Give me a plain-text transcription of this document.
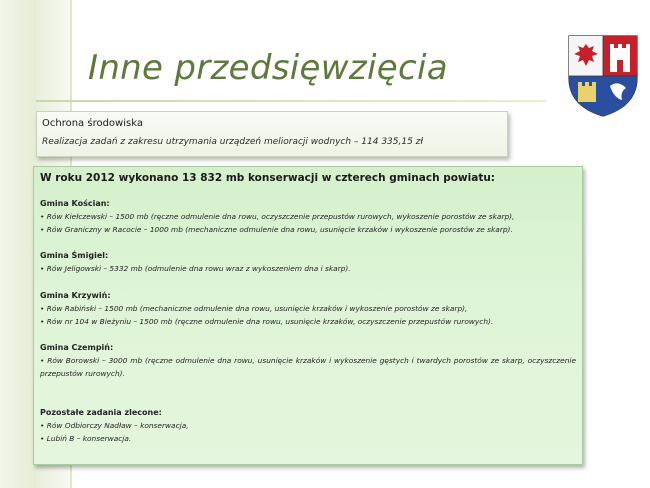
Inne przedsięwzięcia
Ochrona środowiska
Realizacja zadań z zakresu utrzymania urządzeń melioracji wodnych – 114 335,15 zł
W roku 2012 wykonano 13 832 mb konserwacji w czterech gminach powiatu:
Gmina Kościan:
• Rów Kiełczewski – 1500 mb (ręczne odmulenie dna rowu, oczyszczenie przepustów rurowych, wykoszenie porostów ze skarp),
• Rów Graniczny w Racocie – 1000 mb (mechaniczne odmulenie dna rowu, usunięcie krzaków i wykoszenie porostów ze skarp).
Gmina Śmigiel:
• Rów Jeligowski – 5332 mb (odmulenie dna rowu wraz z wykoszeniem dna i skarp).
Gmina Krzywiń:
• Rów Rabiński – 1500 mb (mechaniczne odmulenie dna rowu, usunięcie krzaków i wykoszenie porostów ze skarp),
• Rów nr 104 w Bieżyniu – 1500 mb (ręczne odmulenie dna rowu, usunięcie krzaków, oczyszczenie przepustów rurowych).
Gmina Czempiń:
• Rów Borowski – 3000 mb (ręczne odmulenie dna rowu, usunięcie krzaków i wykoszenie gęstych i twardych porostów ze skarp, oczyszczenie przepustów rurowych).
Pozostałe zadania zlecone:
• Rów Odbiorczy Nadław – konserwacja,
• Lubiń B – konserwacja.
